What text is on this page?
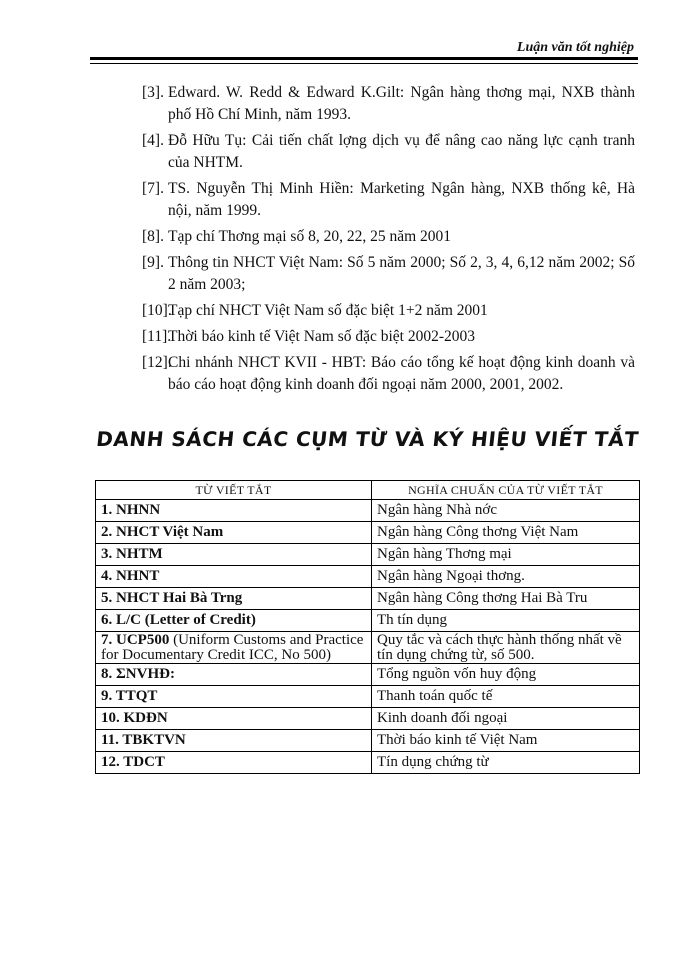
Luận văn tốt nghiệp
[3]. Edward. W. Redd & Edward K.Gilt: Ngân hàng thơng mại, NXB thành phố Hồ Chí Minh, năm 1993.
[4]. Đỗ Hữu Tụ: Cải tiến chất lợng dịch vụ để nâng cao năng lực cạnh tranh của NHTM.
[7]. TS. Nguyễn Thị Minh Hiền: Marketing Ngân hàng, NXB thống kê, Hà nội, năm 1999.
[8]. Tạp chí Thơng mại số 8, 20, 22, 25 năm 2001
[9]. Thông tin NHCT Việt Nam: Số 5 năm 2000; Số 2, 3, 4, 6,12 năm 2002; Số 2 năm 2003;
[10].
Tạp chí NHCT Việt Nam số đặc biệt 1+2 năm 2001
[11].
Thời báo kinh tế Việt Nam số đặc biệt 2002-2003
[12].
Chi nhánh NHCT KVII - HBT: Báo cáo tổng kế hoạt động kinh doanh và báo cáo hoạt động kinh doanh đối ngoại năm 2000, 2001, 2002.
DANH SÁCH CÁC CỤM TỪ VÀ KÝ HIỆU VIẾT TẮT
TỪ VIẾT TẮT	NGHĨA CHUẨN CỦA TỪ VIẾT TẮT
1. NHNN	Ngân hàng Nhà nớc
2. NHCT Việt Nam	Ngân hàng Công thơng Việt Nam
3. NHTM	Ngân hàng Thơng mại
4. NHNT	Ngân hàng Ngoại thơng.
5. NHCT Hai Bà Trng	Ngân hàng Công thơng Hai Bà Tru
6. L/C (Letter of Credit)	Th tín dụng
7. UCP500 (Uniform Customs and Practice for Documentary Credit ICC, No 500)	Quy tắc và cách thực hành thống nhất về tín dụng chứng từ, số 500.
8. ΣNVHĐ:	Tổng nguồn vốn huy động
9. TTQT	Thanh toán quốc tế
10. KDĐN	Kinh doanh đối ngoại
11. TBKTVN	Thời báo kinh tế Việt Nam
12. TDCT	Tín dụng chứng từ
